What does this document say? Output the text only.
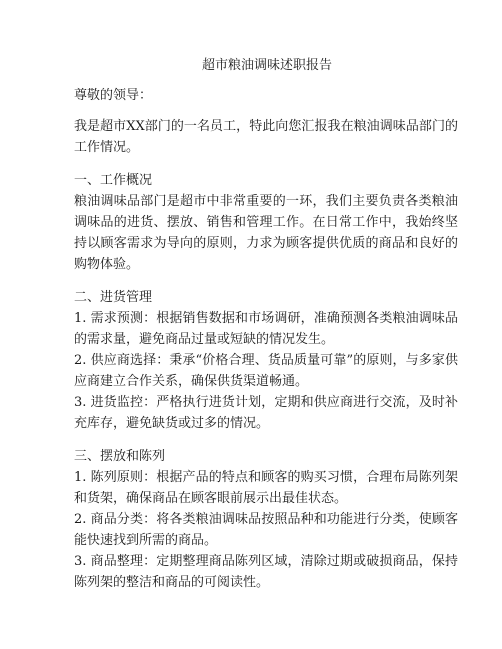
超市粮油调味述职报告

尊敬的领导：

我是超市XX部门的一名员工，特此向您汇报我在粮油调味品部门的工作情况。

一、工作概况

粮油调味品部门是超市中非常重要的一环，我们主要负责各类粮油调味品的进货、摆放、销售和管理工作。在日常工作中，我始终坚持以顾客需求为导向的原则，力求为顾客提供优质的商品和良好的购物体验。

二、进货管理

1. 需求预测：根据销售数据和市场调研，准确预测各类粮油调味品的需求量，避免商品过量或短缺的情况发生。

2. 供应商选择：秉承“价格合理、货品质量可靠”的原则，与多家供应商建立合作关系，确保供货渠道畅通。

3. 进货监控：严格执行进货计划，定期和供应商进行交流，及时补充库存，避免缺货或过多的情况。

三、摆放和陈列

1. 陈列原则：根据产品的特点和顾客的购买习惯，合理布局陈列架和货架，确保商品在顾客眼前展示出最佳状态。

2. 商品分类：将各类粮油调味品按照品种和功能进行分类，使顾客能快速找到所需的商品。

3. 商品整理：定期整理商品陈列区域，清除过期或破损商品，保持陈列架的整洁和商品的可阅读性。
